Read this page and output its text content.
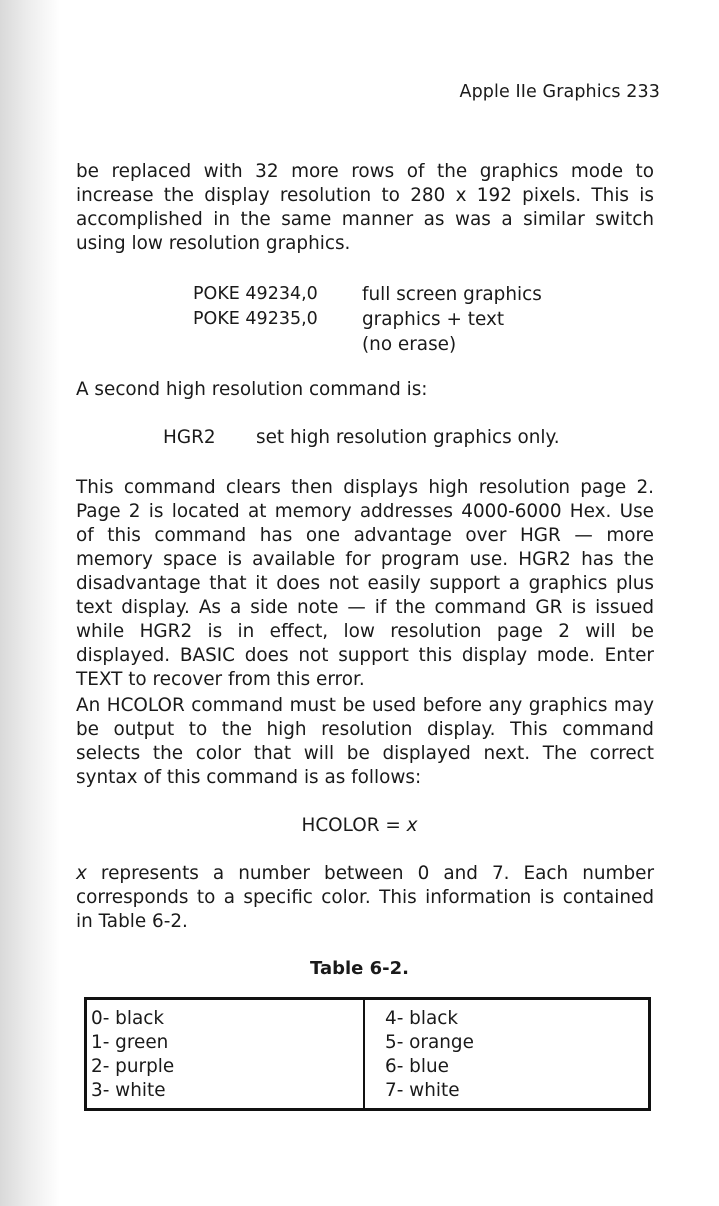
Apple IIe Graphics 233

be replaced with 32 more rows of the graphics mode to increase the display resolution to 280 x 192 pixels. This is accomplished in the same manner as was a similar switch using low resolution graphics.

POKE 49234,0 full screen graphics
POKE 49235,0 graphics + text
(no erase)

A second high resolution command is:

HGR2 set high resolution graphics only.

This command clears then displays high resolution page 2. Page 2 is located at memory addresses 4000-6000 Hex. Use of this command has one advantage over HGR — more memory space is available for program use. HGR2 has the disadvantage that it does not easily support a graphics plus text display. As a side note — if the command GR is issued while HGR2 is in effect, low resolution page 2 will be displayed. BASIC does not support this display mode. Enter TEXT to recover from this error.

An HCOLOR command must be used before any graphics may be output to the high resolution display. This command selects the color that will be displayed next. The correct syntax of this command is as follows:

HCOLOR = x

x represents a number between 0 and 7. Each number corresponds to a specific color. This information is contained in Table 6-2.

Table 6-2.
0- black
1- green
2- purple
3- white
4- black
5- orange
6- blue
7- white
